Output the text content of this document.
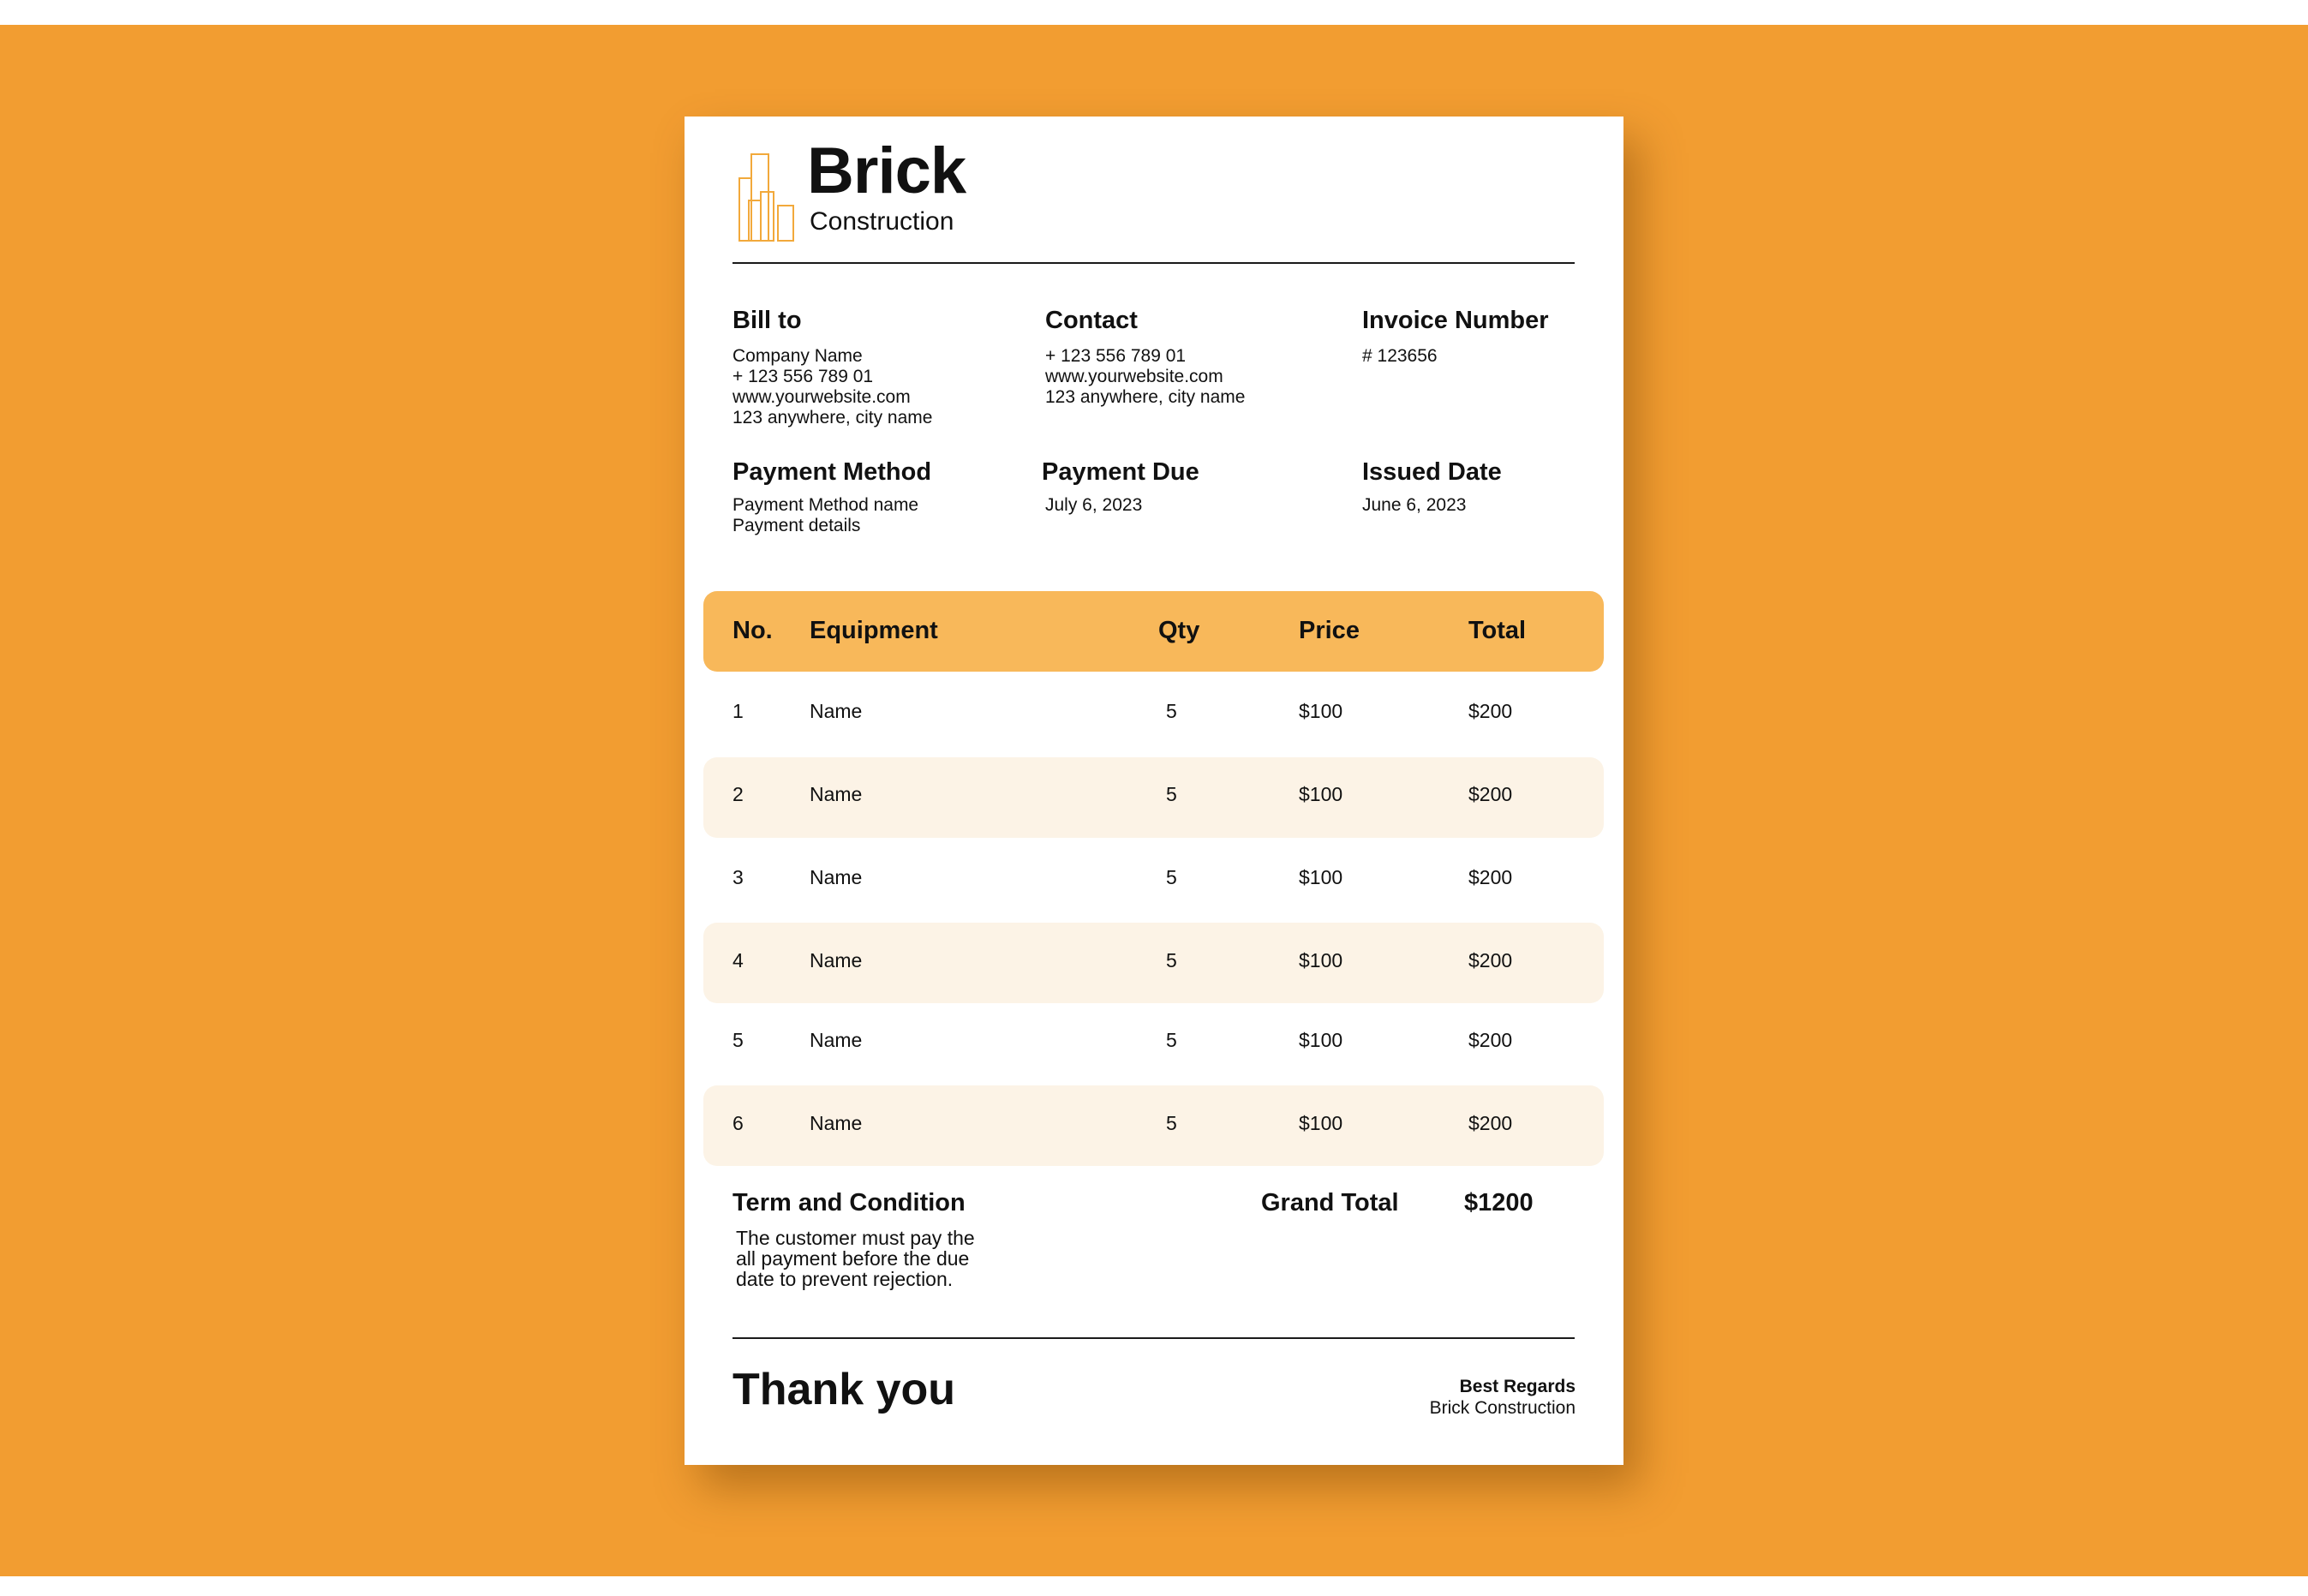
Brick
Construction
Bill to
Company Name
+ 123 556 789 01
www.yourwebsite.com
123 anywhere, city name
Contact
+ 123 556 789 01
www.yourwebsite.com
123 anywhere, city name
Invoice Number
# 123656
Payment Method
Payment Method name
Payment details
Payment Due
July 6, 2023
Issued Date
June 6, 2023
No. Equipment	Qty	Price	Total
1	Name	5	$100	$200
2	Name	5	$100	$200
3	Name	5	$100	$200
4	Name	5	$100	$200
5	Name	5	$100	$200
6	Name	5	$100	$200
Term and Condition
The customer must pay the
all payment before the due
date to prevent rejection.
Grand Total	$1200
Thank you	Best Regards
Brick Construction
